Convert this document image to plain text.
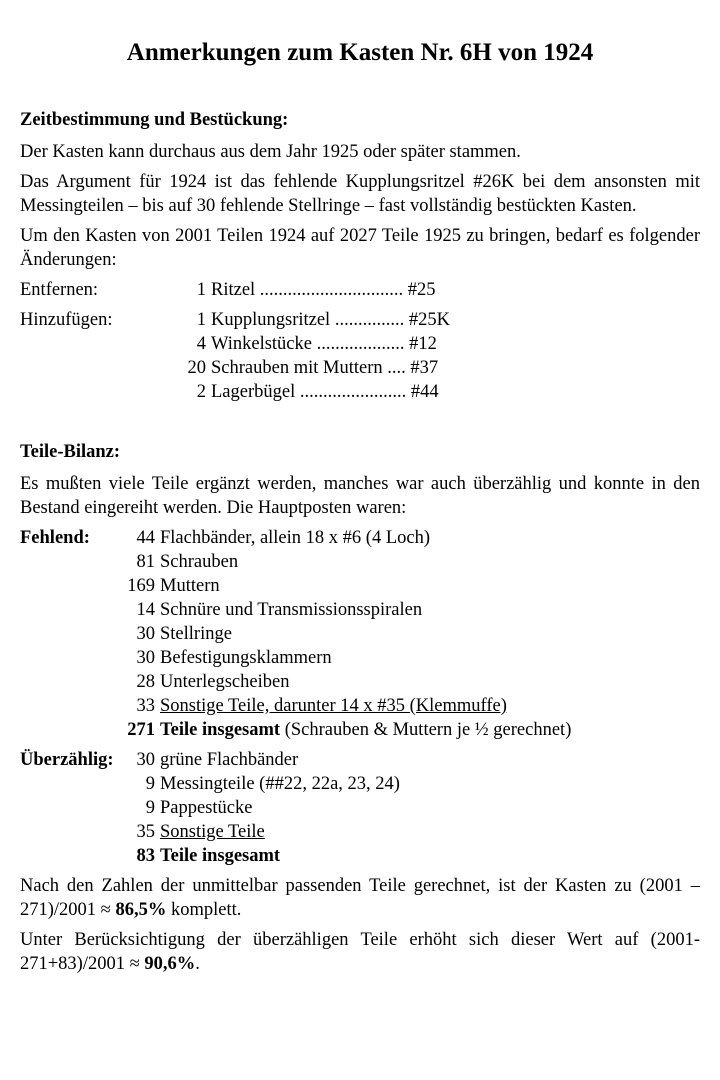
Anmerkungen zum Kasten Nr. 6H von 1924
Zeitbestimmung und Bestückung:

Der Kasten kann durchaus aus dem Jahr 1925 oder später stammen.

Das Argument für 1924 ist das fehlende Kupplungsritzel #26K bei dem ansonsten mit Messingteilen – bis auf 30 fehlende Stellringe – fast vollständig bestückten Kasten.

Um den Kasten von 2001 Teilen 1924 auf 2027 Teile 1925 zu bringen, bedarf es folgender Änderungen:

Entfernen:	1 Ritzel ............................... #25
Hinzufügen:	1 Kupplungsritzel ............... #25K
4 Winkelstücke ................... #12
20 Schrauben mit Muttern .... #37
2 Lagerbügel ....................... #44
Teile-Bilanz:

Es mußten viele Teile ergänzt werden, manches war auch überzählig und konnte in den Bestand eingereiht werden. Die Hauptposten waren:

Fehlend:	44 Flachbänder, allein 18 x #6 (4 Loch)
81 Schrauben
169 Muttern
14 Schnüre und Transmissionsspiralen
30 Stellringe
30 Befestigungsklammern
28 Unterlegscheiben
33 Sonstige Teile, darunter 14 x #35 (Klemmuffe)
271 Teile insgesamt (Schrauben & Muttern je ½ gerechnet)
Überzählig:	30 grüne Flachbänder
9 Messingteile (##22, 22a, 23, 24)
9 Pappestücke
35 Sonstige Teile
83 Teile insgesamt

Nach den Zahlen der unmittelbar passenden Teile gerechnet, ist der Kasten zu (2001 – 271)/2001 ≈ 86,5% komplett.

Unter Berücksichtigung der überzähligen Teile erhöht sich dieser Wert auf (2001-271+83)/2001 ≈ 90,6%.
